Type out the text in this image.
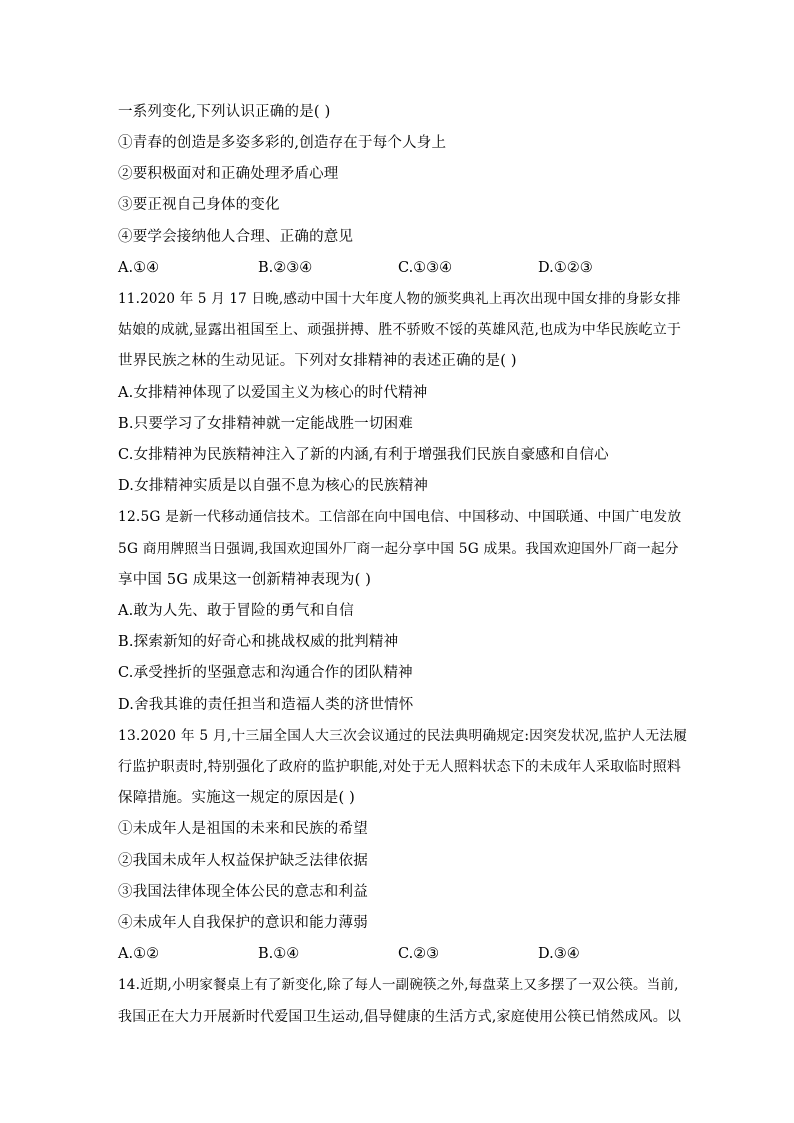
一系列变化,下列认识正确的是( )
①青春的创造是多姿多彩的,创造存在于每个人身上
②要积极面对和正确处理矛盾心理
③要正视自己身体的变化
④要学会接纳他人合理、正确的意见
A.①④	B.②③④	C.①③④	D.①②③
11.2020 年 5 月 17 日晚,感动中国十大年度人物的颁奖典礼上再次出现中国女排的身影女排
姑娘的成就,显露出祖国至上、顽强拼搏、胜不骄败不馁的英雄风范,也成为中华民族屹立于
世界民族之林的生动见证。下列对女排精神的表述正确的是( )
A.女排精神体现了以爱国主义为核心的时代精神
B.只要学习了女排精神就一定能战胜一切困难
C.女排精神为民族精神注入了新的内涵,有利于增强我们民族自豪感和自信心
D.女排精神实质是以自强不息为核心的民族精神
12.5G 是新一代移动通信技术。工信部在向中国电信、中国移动、中国联通、中国广电发放
5G 商用牌照当日强调,我国欢迎国外厂商一起分享中国 5G 成果。我国欢迎国外厂商一起分
享中国 5G 成果这一创新精神表现为( )
A.敢为人先、敢于冒险的勇气和自信
B.探索新知的好奇心和挑战权威的批判精神
C.承受挫折的坚强意志和沟通合作的团队精神
D.舍我其谁的责任担当和造福人类的济世情怀
13.2020 年 5 月,十三届全国人大三次会议通过的民法典明确规定:因突发状况,监护人无法履
行监护职责时,特别强化了政府的监护职能,对处于无人照料状态下的未成年人采取临时照料
保障措施。实施这一规定的原因是( )
①未成年人是祖国的未来和民族的希望
②我国未成年人权益保护缺乏法律依据
③我国法律体现全体公民的意志和利益
④未成年人自我保护的意识和能力薄弱
A.①②	B.①④	C.②③	D.③④
14.近期,小明家餐桌上有了新变化,除了每人一副碗筷之外,每盘菜上又多摆了一双公筷。当前,
我国正在大力开展新时代爱国卫生运动,倡导健康的生活方式,家庭使用公筷已悄然成风。以
